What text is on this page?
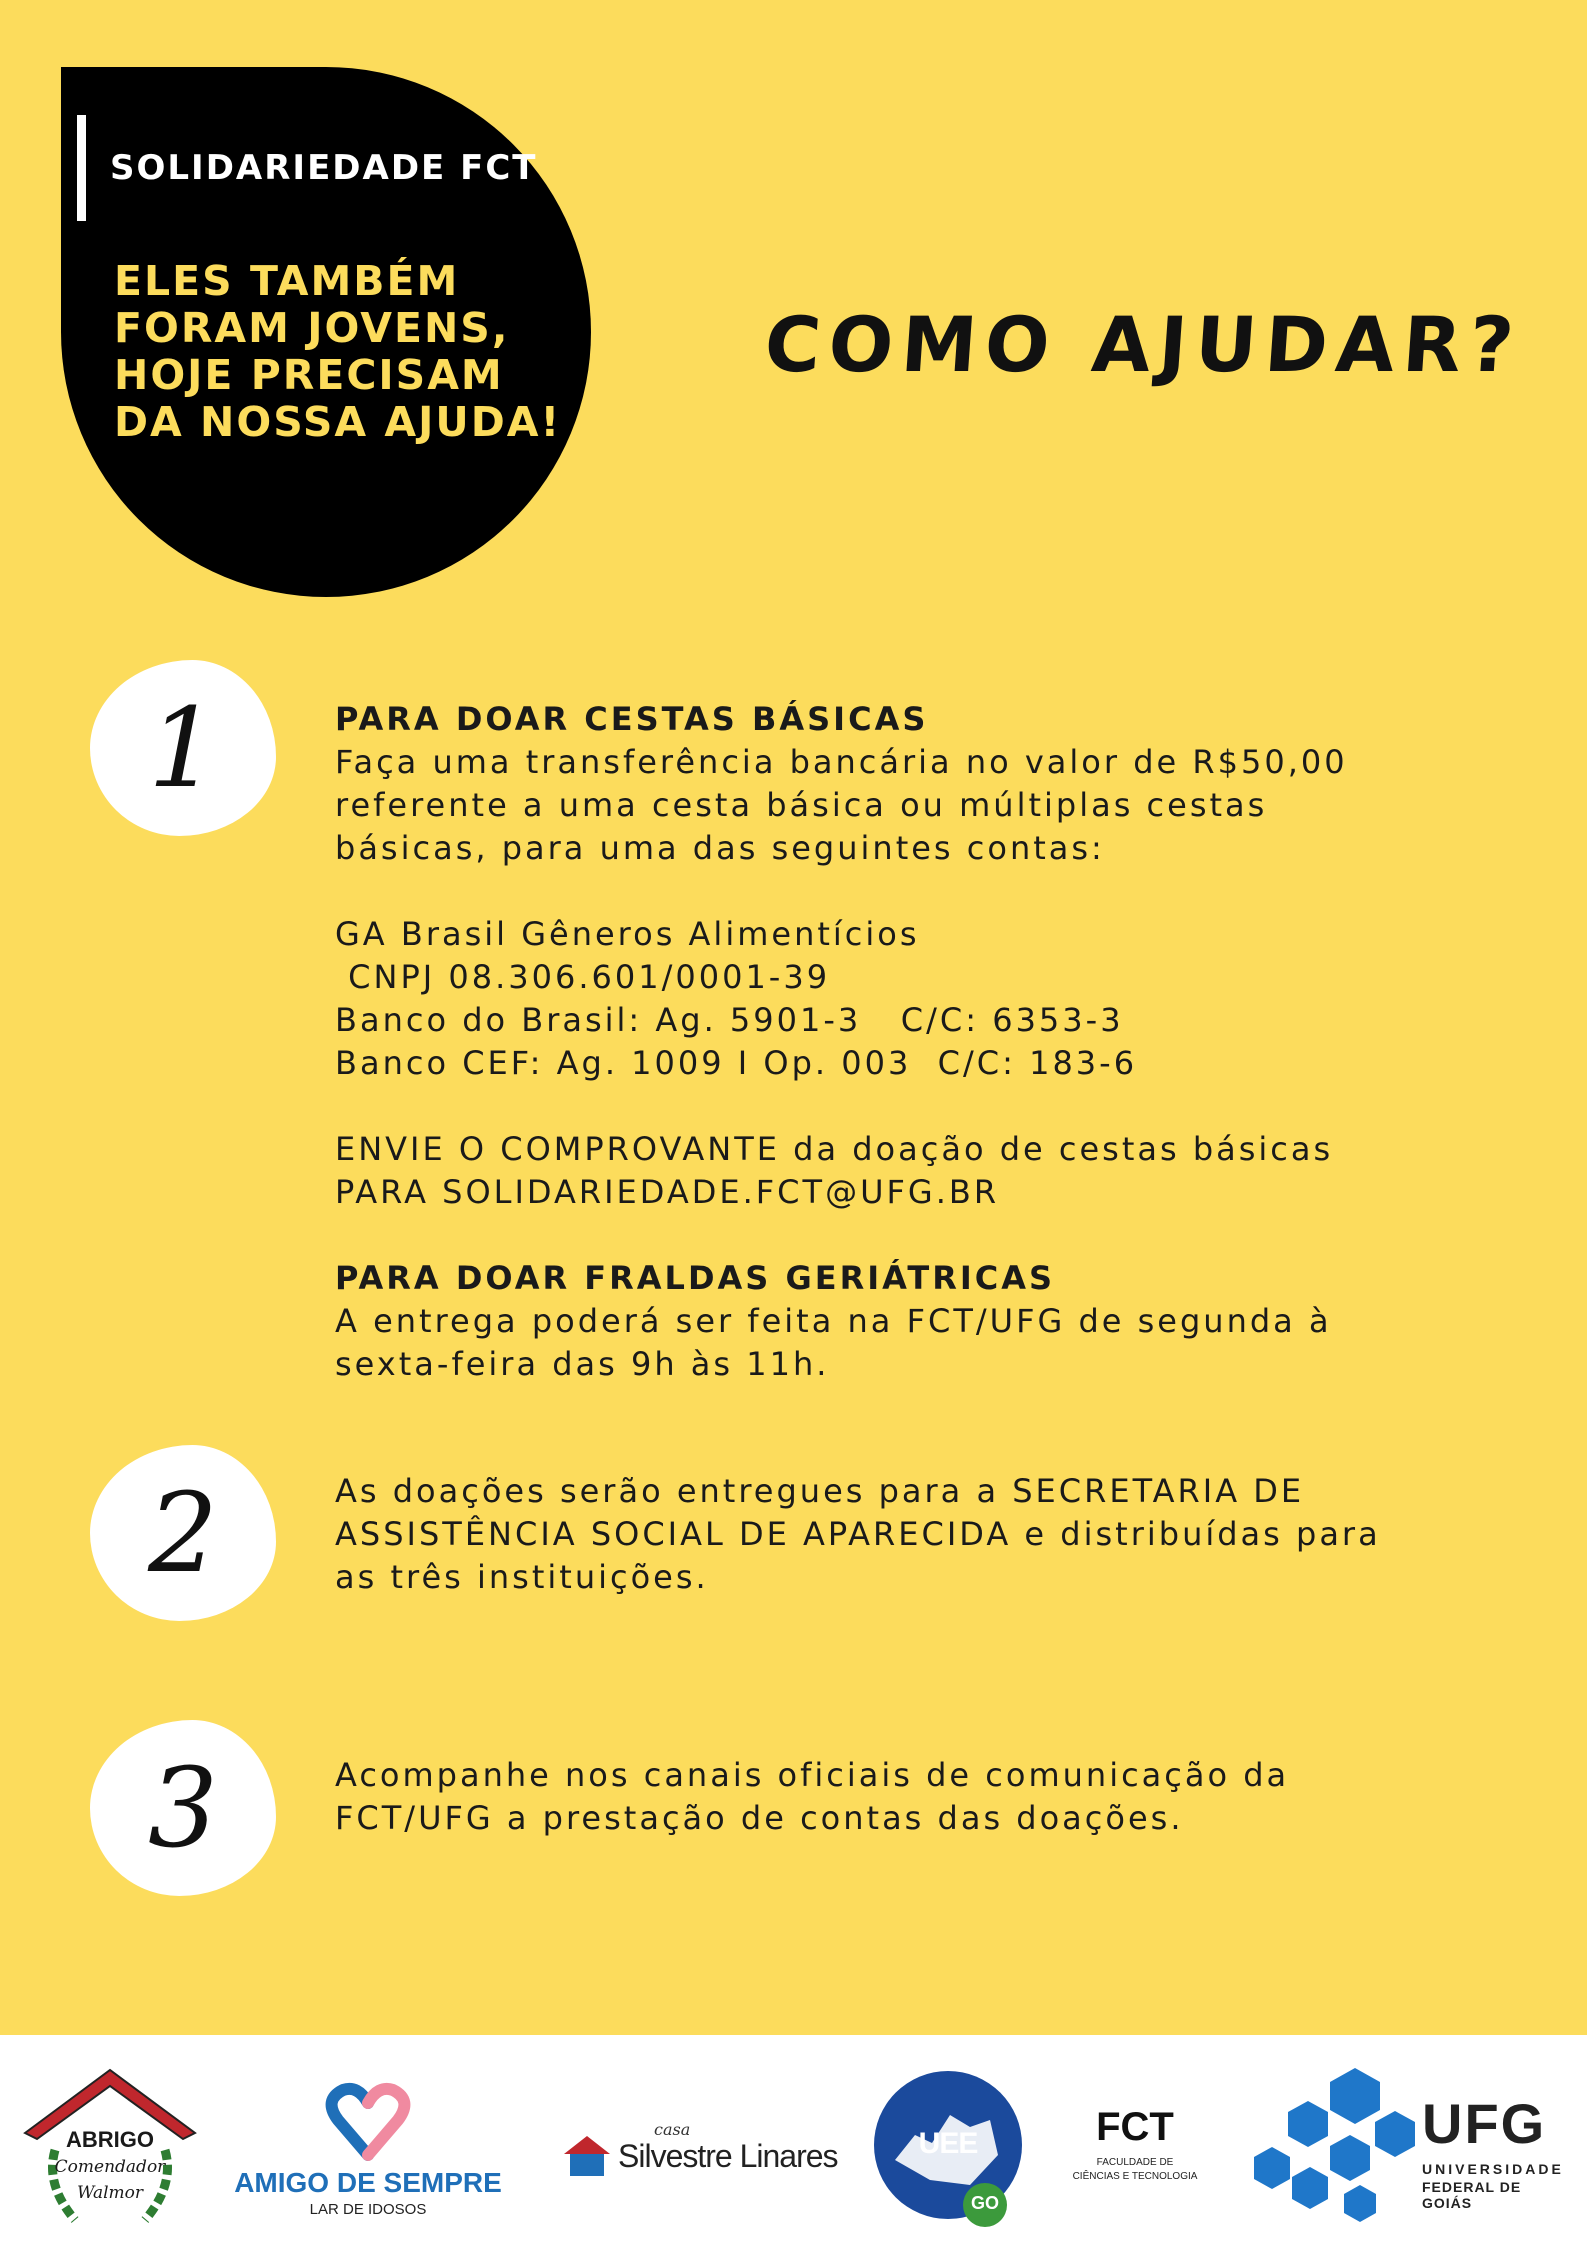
SOLIDARIEDADE FCT
ELES TAMBÉM
FORAM JOVENS,
HOJE PRECISAM
DA NOSSA AJUDA!
COMO AJUDAR?
1
2
3

PARA DOAR CESTAS BÁSICAS

Faça uma transferência bancária no valor de R$50,00

referente a uma cesta básica ou múltiplas cestas

básicas, para uma das seguintes contas:

GA Brasil Gêneros Alimentícios

CNPJ 08.306.601/0001-39

Banco do Brasil: Ag. 5901-3   C/C: 6353-3

Banco CEF: Ag. 1009 I Op. 003  C/C: 183-6

ENVIE O COMPROVANTE da doação de cestas básicas

PARA SOLIDARIEDADE.FCT@UFG.BR

PARA DOAR FRALDAS GERIÁTRICAS

A entrega poderá ser feita na FCT/UFG de segunda à

sexta-feira das 9h às 11h.

As doações serão entregues para a SECRETARIA DE

ASSISTÊNCIA SOCIAL DE APARECIDA e distribuídas para

as três instituições.

Acompanhe nos canais oficiais de comunicação da

FCT/UFG a prestação de contas das doações.

ABRIGO
Comendador
Walmor	AMIGO DE SEMPRE
LAR DE IDOSOS
casa
Silvestre Linares	UEE
GO
FCT
FACULDADE DE
CIÊNCIAS E TECNOLOGIA
UFG
UNIVERSIDADE
FEDERAL DE GOIÁS
